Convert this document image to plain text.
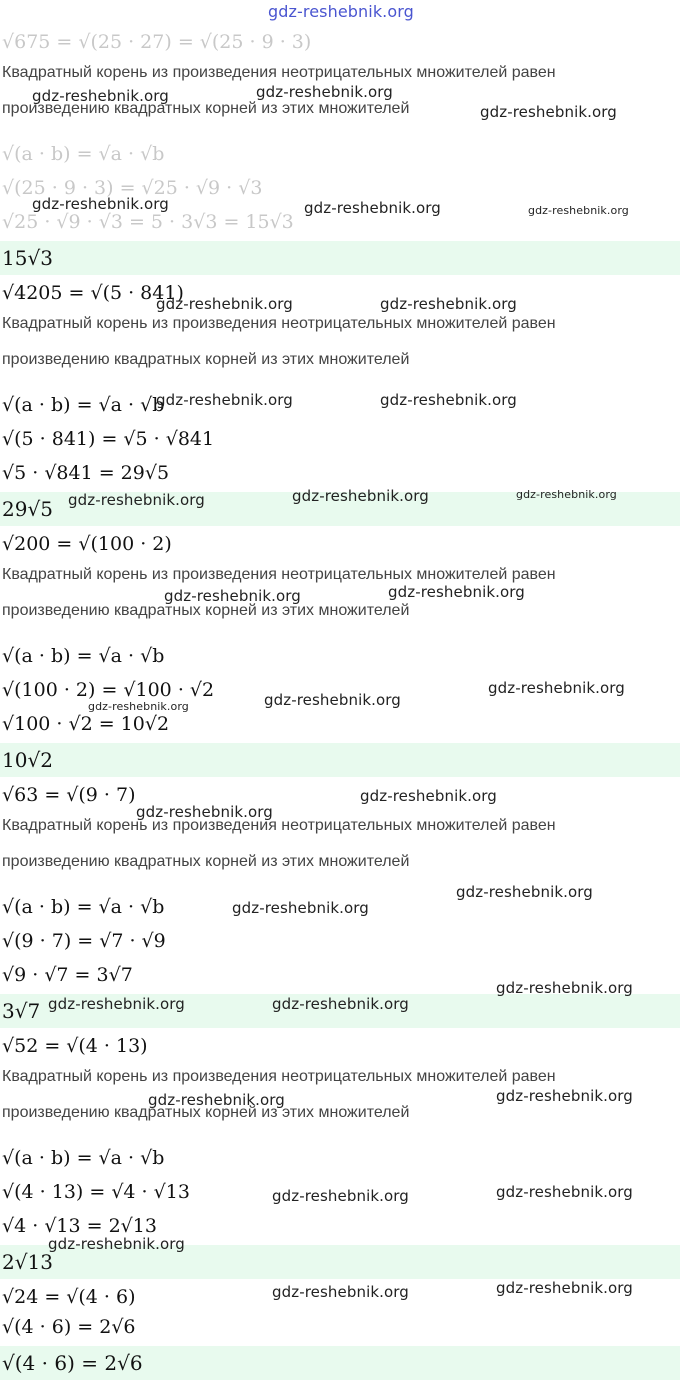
√675 = √(25 · 27) = √(25 · 9 · 3)
Квадратный корень из произведения неотрицательных множителей равен
произведению квадратных корней из этих множителей
√(a · b) = √a · √b
√(25 · 9 · 3) = √25 · √9 · √3
√25 · √9 · √3 = 5 · 3√3 = 15√3
15√3
√4205 = √(5 · 841)
Квадратный корень из произведения неотрицательных множителей равен
произведению квадратных корней из этих множителей
√(a · b) = √a · √b
√(5 · 841) = √5 · √841
√5 · √841 = 29√5
29√5
√200 = √(100 · 2)
Квадратный корень из произведения неотрицательных множителей равен
произведению квадратных корней из этих множителей
√(a · b) = √a · √b
√(100 · 2) = √100 · √2
√100 · √2 = 10√2
10√2
√63 = √(9 · 7)
Квадратный корень из произведения неотрицательных множителей равен
произведению квадратных корней из этих множителей
√(a · b) = √a · √b
√(9 · 7) = √7 · √9
√9 · √7 = 3√7
3√7
√52 = √(4 · 13)
Квадратный корень из произведения неотрицательных множителей равен
произведению квадратных корней из этих множителей
√(a · b) = √a · √b
√(4 · 13) = √4 · √13
√4 · √13 = 2√13
2√13
√24 = √(4 · 6)
√(4 · 6) = 2√6
√(4 · 6) = 2√6
gdz-reshebnik.org
gdz-reshebnik.org	gdz-reshebnik.org
gdz-reshebnik.org
gdz-reshebnik.org	gdz-reshebnik.org	gdz-reshebnik.org
gdz-reshebnik.org	gdz-reshebnik.org
gdz-reshebnik.org	gdz-reshebnik.org
gdz-reshebnik.org	gdz-reshebnik.org	gdz-reshebnik.org
gdz-reshebnik.org	gdz-reshebnik.org
gdz-reshebnik.org
gdz-reshebnik.org
gdz-reshebnik.org
gdz-reshebnik.org
gdz-reshebnik.org
gdz-reshebnik.org
gdz-reshebnik.org
gdz-reshebnik.org	gdz-reshebnik.org
gdz-reshebnik.org
gdz-reshebnik.org	gdz-reshebnik.org
gdz-reshebnik.org	gdz-reshebnik.org
gdz-reshebnik.org
gdz-reshebnik.org	gdz-reshebnik.org
